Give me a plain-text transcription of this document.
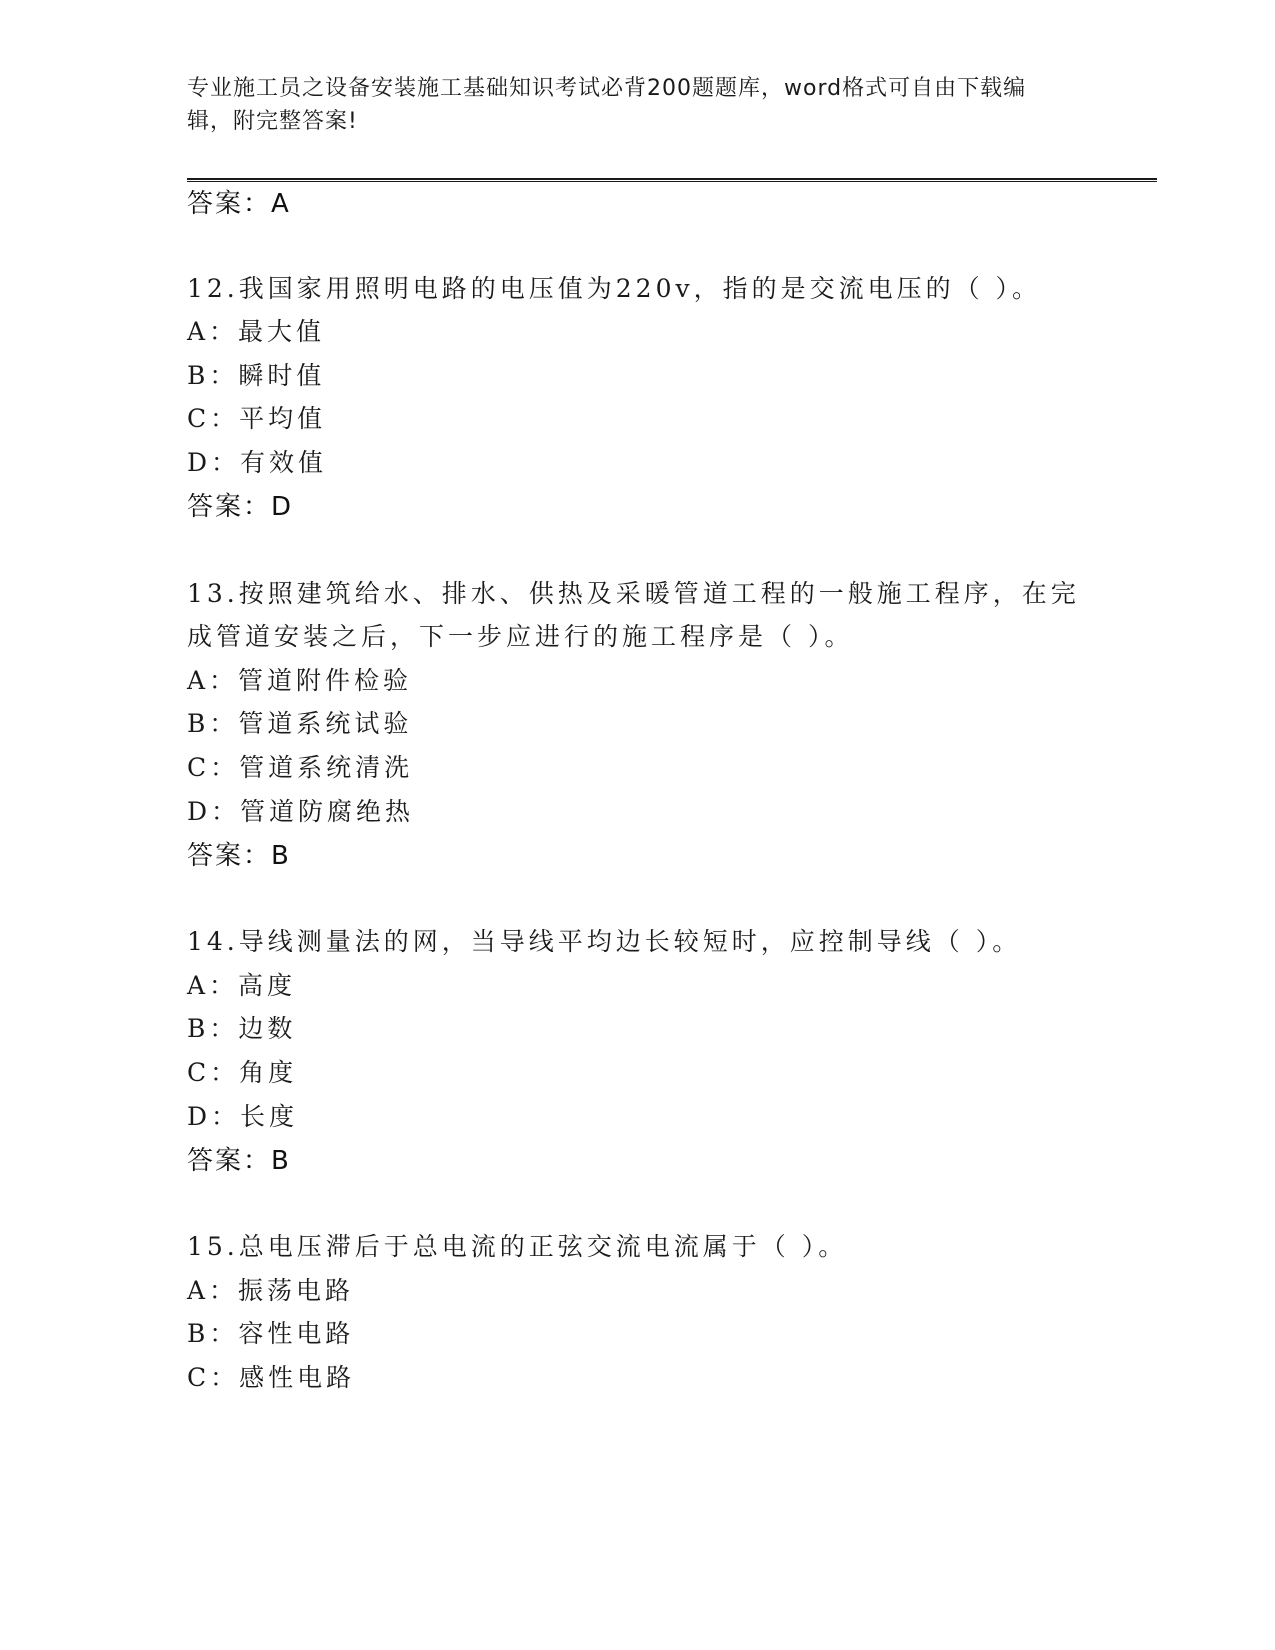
专业施工员之设备安装施工基础知识考试必背200题题库，word格式可自由下载编辑，附完整答案!
答案：A
12.我国家用照明电路的电压值为220v，指的是交流电压的（ ）。
A：最大值
B：瞬时值
C：平均值
D：有效值
答案：D
13.按照建筑给水、排水、供热及采暖管道工程的一般施工程序，在完
成管道安装之后，下一步应进行的施工程序是（ ）。
A：管道附件检验
B：管道系统试验
C：管道系统清洗
D：管道防腐绝热
答案：B
14.导线测量法的网，当导线平均边长较短时，应控制导线（ ）。
A：高度
B：边数
C：角度
D：长度
答案：B
15.总电压滞后于总电流的正弦交流电流属于（ ）。
A：振荡电路
B：容性电路
C：感性电路
